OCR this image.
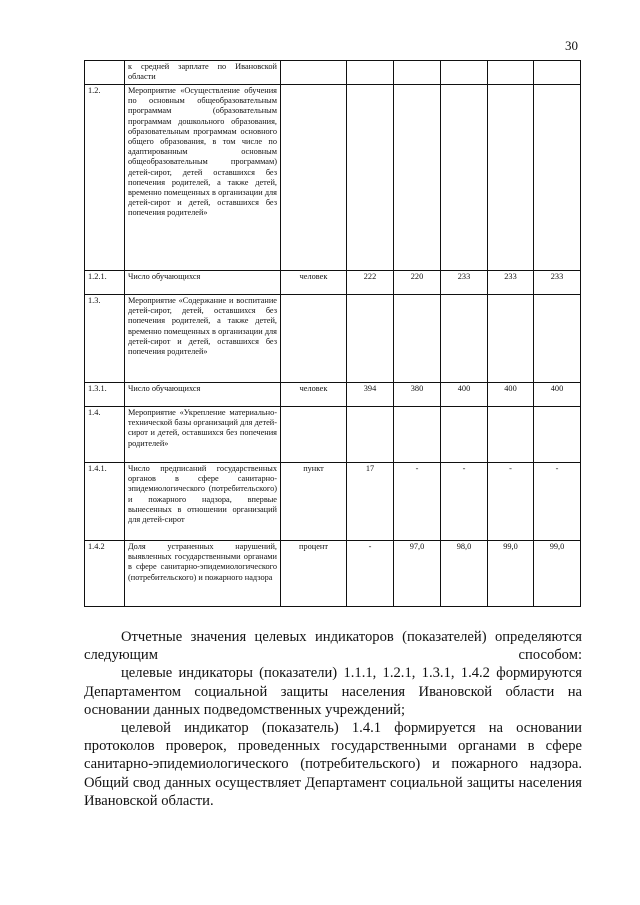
30
	к средней зарплате по Ивановской области						
1.2.	Мероприятие «Осуществление обучения по основным общеобразовательным программам (образовательным программам дошкольного образования, образовательным программам основного общего образования, в том числе по адаптированным основным общеобразовательным программам) детей-сирот, детей оставшихся без попечения родителей, а также детей, временно помещенных в организации для детей-сирот и детей, оставшихся без попечения родителей»						
1.2.1.	Число обучающихся	человек	222	220	233	233	233
1.3.	Мероприятие «Содержание и воспитание детей-сирот, детей, оставшихся без попечения родителей, а также детей, временно помещенных в организации для детей-сирот и детей, оставшихся без попечения родителей»						
1.3.1.	Число обучающихся	человек	394	380	400	400	400
1.4.	Мероприятие «Укрепление материально-технической базы организаций для детей-сирот и детей, оставшихся без попечения родителей»						
1.4.1.	Число предписаний государственных органов в сфере санитарно-эпидемиологического (потребительского) и пожарного надзора, впервые вынесенных в отношении организаций для детей-сирот	пункт	17	-	-	-	-
1.4.2	Доля устраненных нарушений, выявленных государственными органами в сфере санитарно-эпидемиологического (потребительского) и пожарного надзора	процент	-	97,0	98,0	99,0	99,0

Отчетные значения целевых индикаторов (показателей) определяются следующим способом:

целевые индикаторы (показатели) 1.1.1, 1.2.1, 1.3.1, 1.4.2 формируются Департаментом социальной защиты населения Ивановской области на основании данных подведомственных учреждений;

целевой индикатор (показатель) 1.4.1 формируется на основании протоколов проверок, проведенных государственными органами в сфере санитарно-эпидемиологического (потребительского) и пожарного надзора. Общий свод данных осуществляет Департамент социальной защиты населения Ивановской области.
